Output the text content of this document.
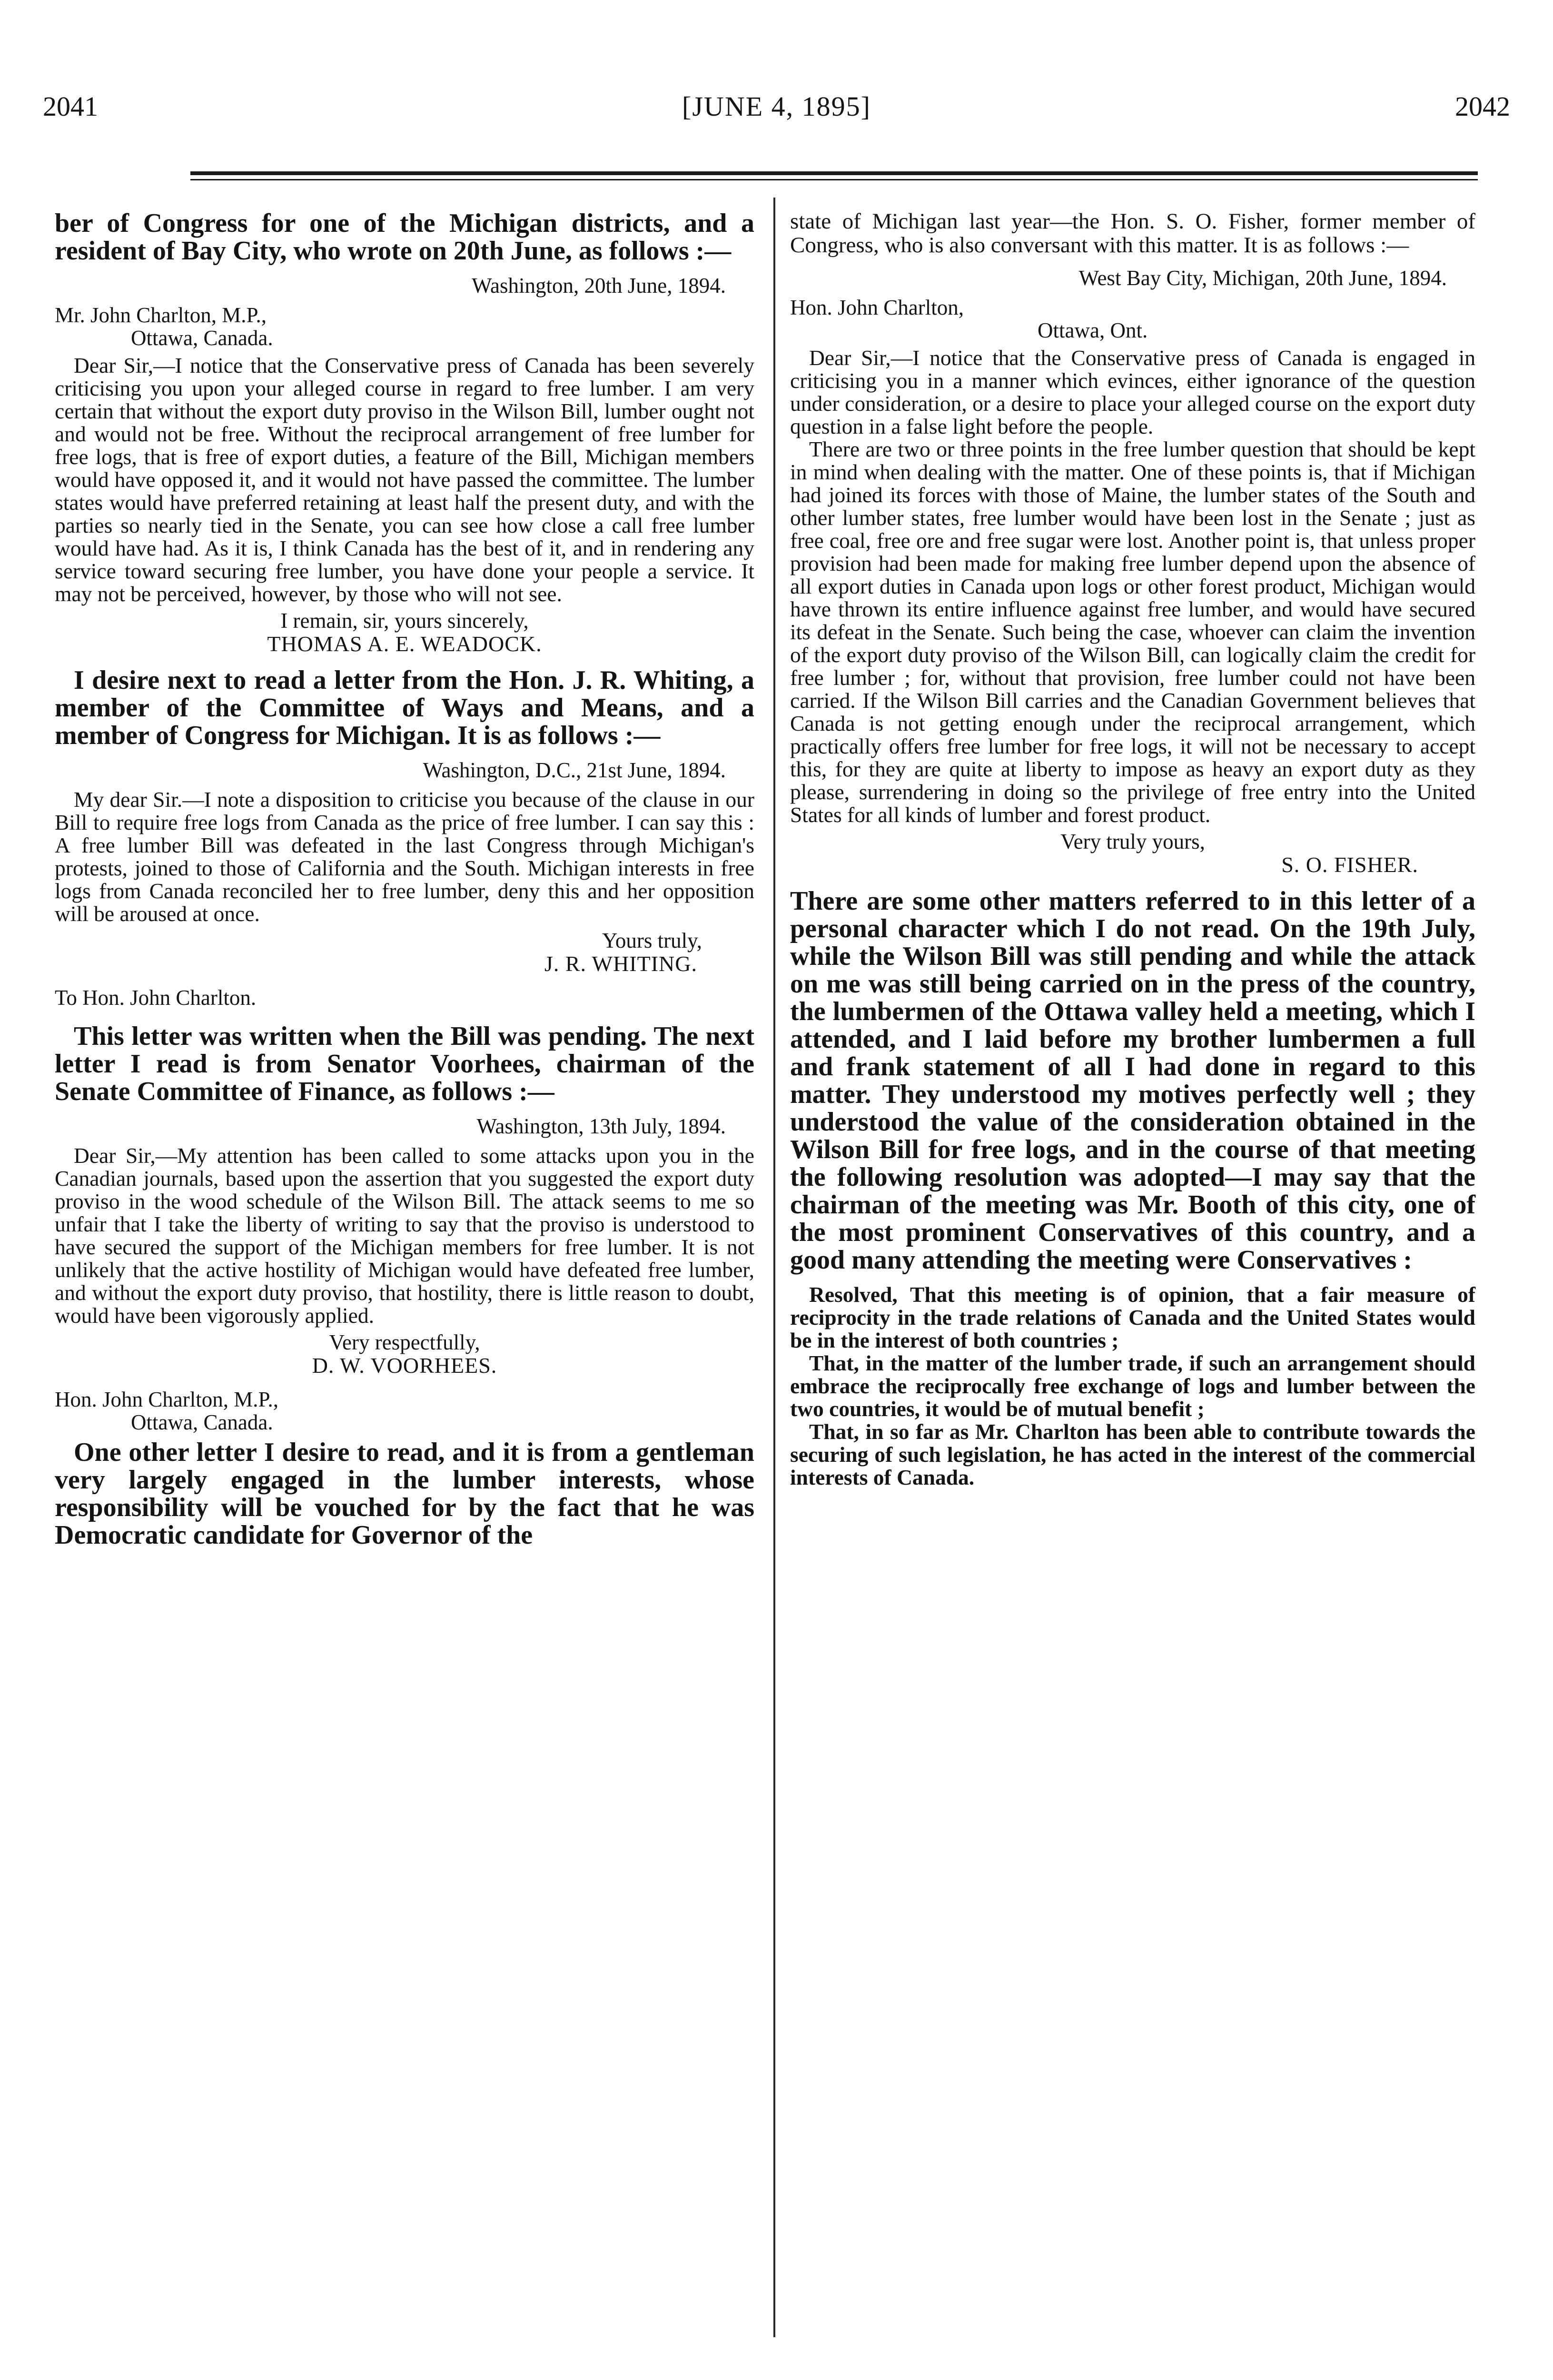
2041	[JUNE 4, 1895]	2042

ber of Congress for one of the Michigan districts, and a resident of Bay City, who wrote on 20th June, as follows :—

Washington, 20th June, 1894.

Mr. John Charlton, M.P.,

Ottawa, Canada.

Dear Sir,—I notice that the Conservative press of Canada has been severely criticising you upon your alleged course in regard to free lumber. I am very certain that without the export duty proviso in the Wilson Bill, lumber ought not and would not be free. Without the reciprocal arrangement of free lumber for free logs, that is free of export duties, a feature of the Bill, Michigan members would have opposed it, and it would not have passed the committee. The lumber states would have preferred retaining at least half the present duty, and with the parties so nearly tied in the Senate, you can see how close a call free lumber would have had. As it is, I think Canada has the best of it, and in rendering any service toward securing free lumber, you have done your people a service. It may not be perceived, however, by those who will not see.

I remain, sir, yours sincerely,

THOMAS A. E. WEADOCK.

I desire next to read a letter from the Hon. J. R. Whiting, a member of the Committee of Ways and Means, and a member of Congress for Michigan. It is as follows :—

Washington, D.C., 21st June, 1894.

My dear Sir.—I note a disposition to criticise you because of the clause in our Bill to require free logs from Canada as the price of free lumber. I can say this : A free lumber Bill was defeated in the last Congress through Michigan's protests, joined to those of California and the South. Michigan interests in free logs from Canada reconciled her to free lumber, deny this and her opposition will be aroused at once.

Yours truly,

J. R. WHITING.

To Hon. John Charlton.

This letter was written when the Bill was pending. The next letter I read is from Senator Voorhees, chairman of the Senate Committee of Finance, as follows :—

Washington, 13th July, 1894.

Dear Sir,—My attention has been called to some attacks upon you in the Canadian journals, based upon the assertion that you suggested the export duty proviso in the wood schedule of the Wilson Bill. The attack seems to me so unfair that I take the liberty of writing to say that the proviso is understood to have secured the support of the Michigan members for free lumber. It is not unlikely that the active hostility of Michigan would have defeated free lumber, and without the export duty proviso, that hostility, there is little reason to doubt, would have been vigorously applied.

Very respectfully,

D. W. VOORHEES.

Hon. John Charlton, M.P.,

Ottawa, Canada.

One other letter I desire to read, and it is from a gentleman very largely engaged in the lumber interests, whose responsibility will be vouched for by the fact that he was Democratic candidate for Governor of the

state of Michigan last year—the Hon. S. O. Fisher, former member of Congress, who is also conversant with this matter. It is as follows :—

West Bay City, Michigan, 20th June, 1894.

Hon. John Charlton,

Ottawa, Ont.

Dear Sir,—I notice that the Conservative press of Canada is engaged in criticising you in a manner which evinces, either ignorance of the question under consideration, or a desire to place your alleged course on the export duty question in a false light before the people.

There are two or three points in the free lumber question that should be kept in mind when dealing with the matter. One of these points is, that if Michigan had joined its forces with those of Maine, the lumber states of the South and other lumber states, free lumber would have been lost in the Senate ; just as free coal, free ore and free sugar were lost. Another point is, that unless proper provision had been made for making free lumber depend upon the absence of all export duties in Canada upon logs or other forest product, Michigan would have thrown its entire influence against free lumber, and would have secured its defeat in the Senate. Such being the case, whoever can claim the invention of the export duty proviso of the Wilson Bill, can logically claim the credit for free lumber ; for, without that provision, free lumber could not have been carried. If the Wilson Bill carries and the Canadian Government believes that Canada is not getting enough under the reciprocal arrangement, which practically offers free lumber for free logs, it will not be necessary to accept this, for they are quite at liberty to impose as heavy an export duty as they please, surrendering in doing so the privilege of free entry into the United States for all kinds of lumber and forest product.

Very truly yours,

S. O. FISHER.

There are some other matters referred to in this letter of a personal character which I do not read. On the 19th July, while the Wilson Bill was still pending and while the attack on me was still being carried on in the press of the country, the lumbermen of the Ottawa valley held a meeting, which I attended, and I laid before my brother lumbermen a full and frank statement of all I had done in regard to this matter. They understood my motives perfectly well ; they understood the value of the consideration obtained in the Wilson Bill for free logs, and in the course of that meeting the following resolution was adopted—I may say that the chairman of the meeting was Mr. Booth of this city, one of the most prominent Conservatives of this country, and a good many attending the meeting were Conservatives :

Resolved, That this meeting is of opinion, that a fair measure of reciprocity in the trade relations of Canada and the United States would be in the interest of both countries ;

That, in the matter of the lumber trade, if such an arrangement should embrace the reciprocally free exchange of logs and lumber between the two countries, it would be of mutual benefit ;

That, in so far as Mr. Charlton has been able to contribute towards the securing of such legislation, he has acted in the interest of the commercial interests of Canada.
